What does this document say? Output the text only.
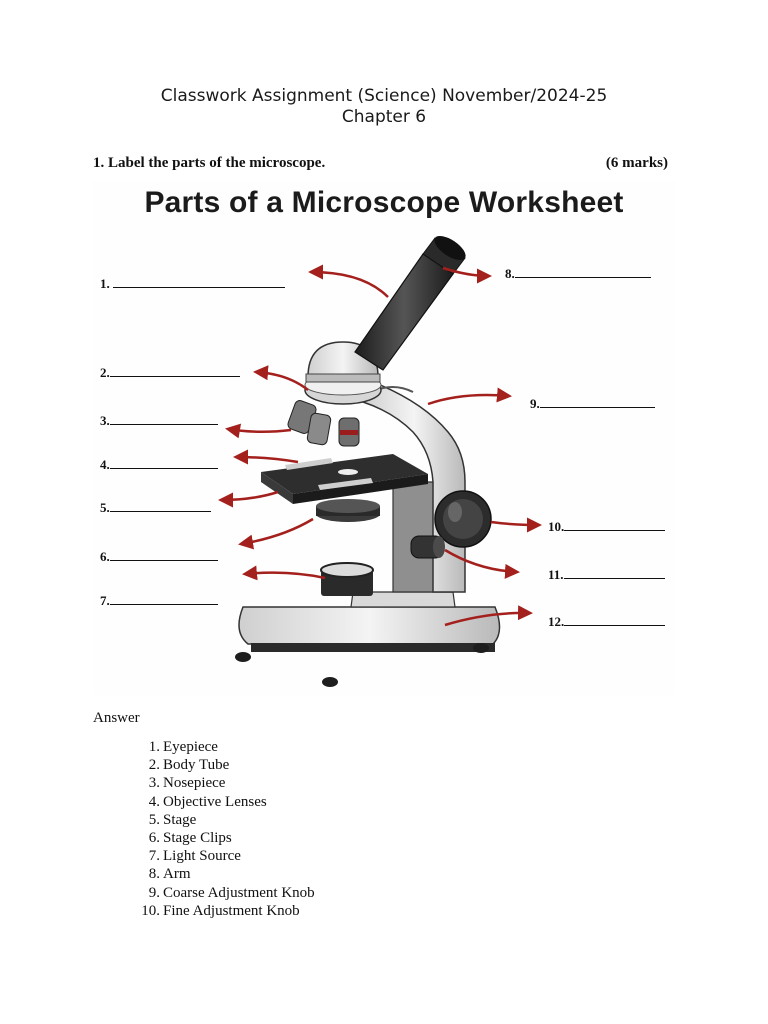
Classwork Assignment (Science) November/2024-25
Chapter 6
1. Label the parts of the microscope.	(6 marks)
1.
2.
3.
4.
5.
6.
7.
8.
9.
10.
11.
12.
Parts of a Microscope Worksheet
Answer
1. Eyepiece
2. Body Tube
3. Nosepiece
4. Objective Lenses
5. Stage
6. Stage Clips
7. Light Source
8. Arm
9. Coarse Adjustment Knob
10. Fine Adjustment Knob
